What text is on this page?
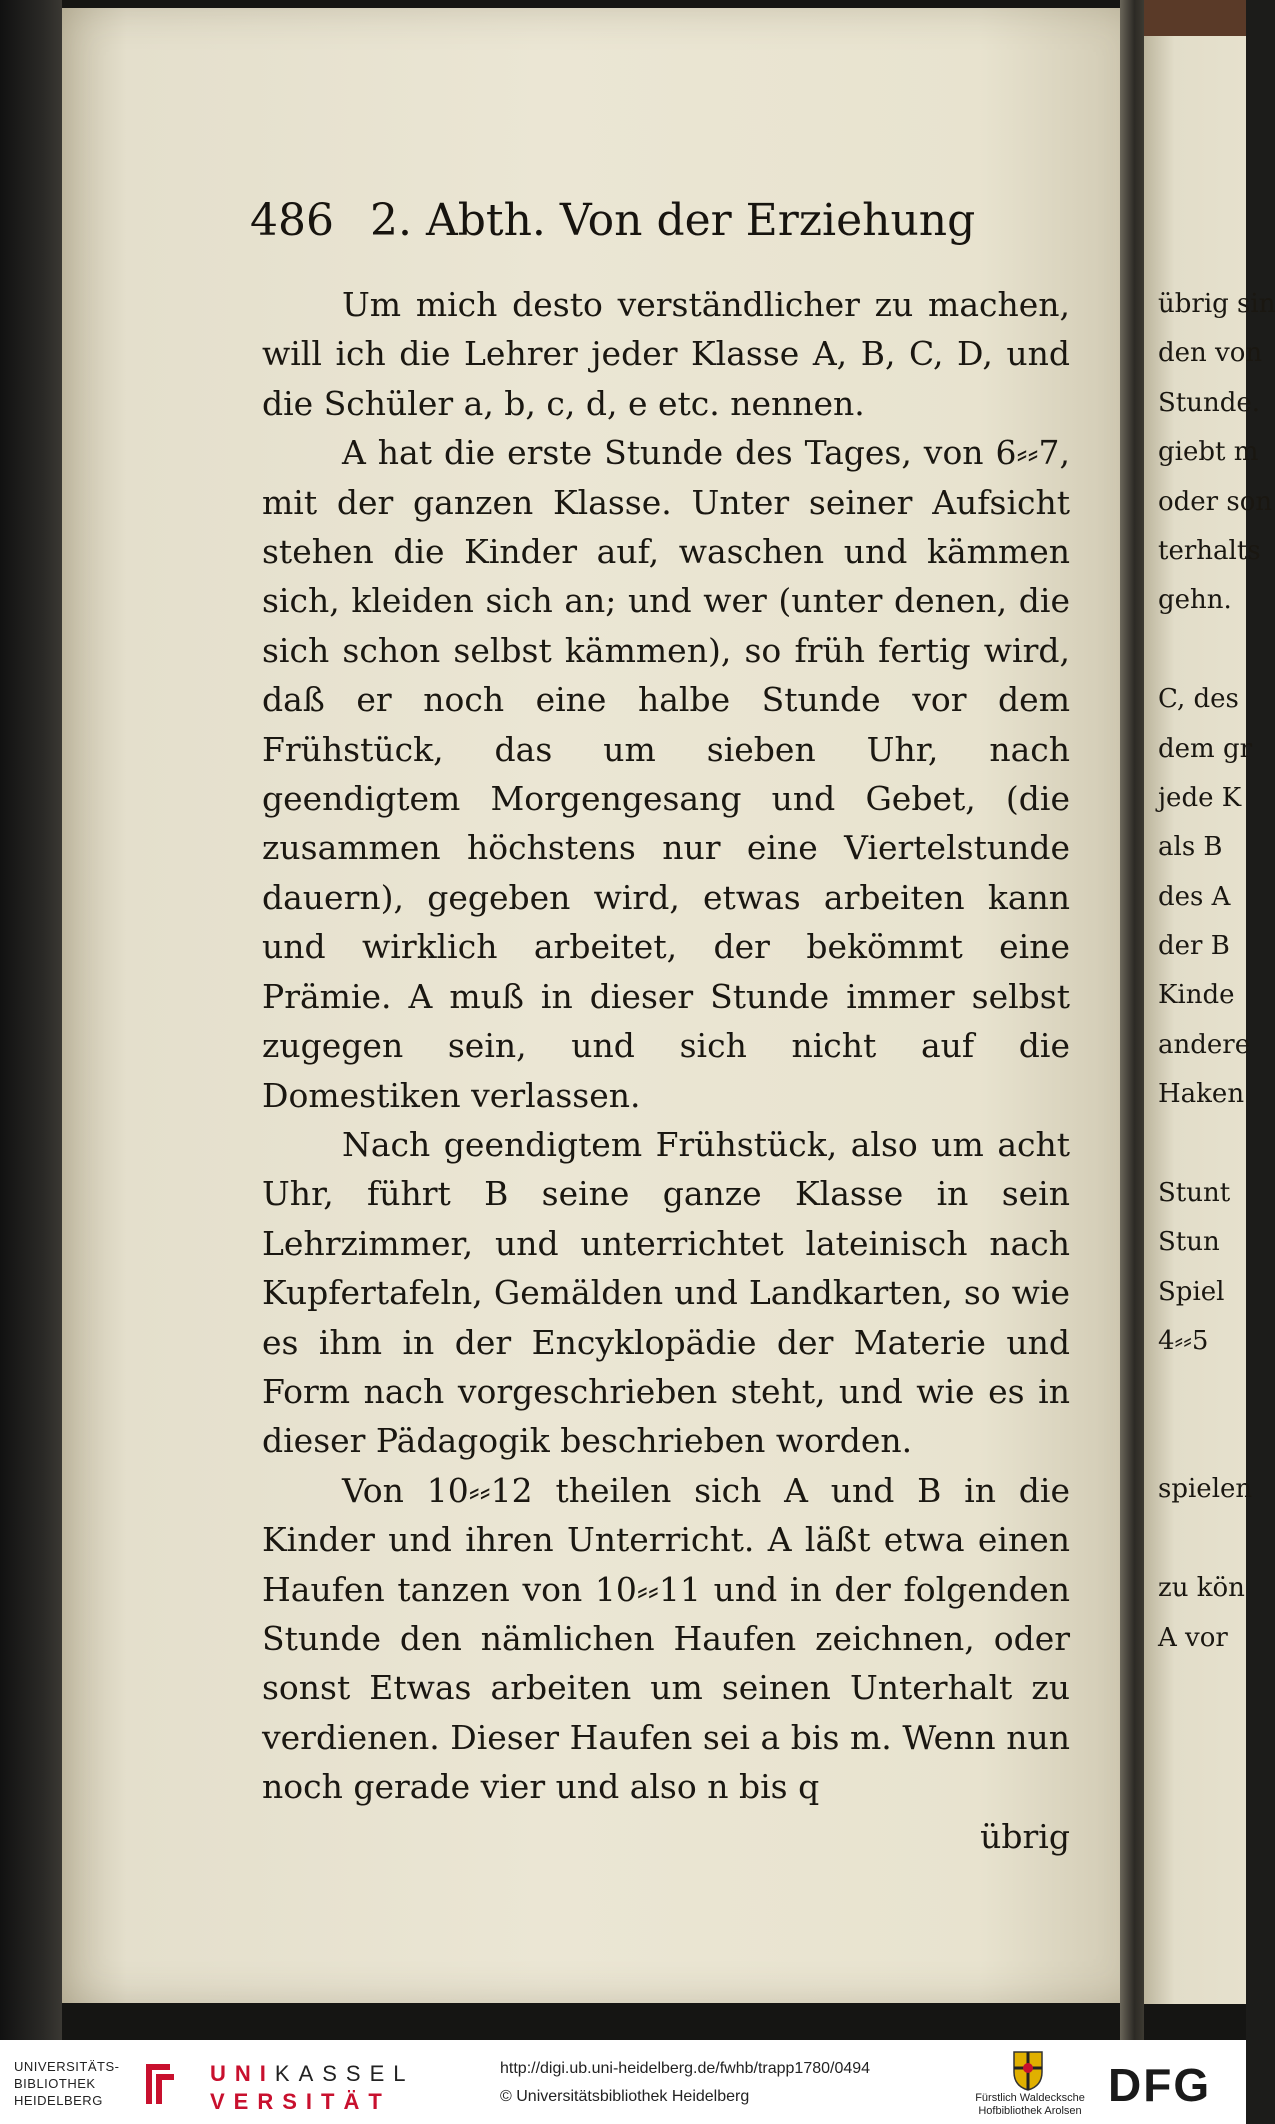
486 2. Abth. Von der Erziehung

Um mich desto verständlicher zu machen, will ich die Lehrer jeder Klasse A, B, C, D, und die Schüler a, b, c, d, e etc. nennen.

A hat die erste Stunde des Tages, von 6⸗⸗7, mit der ganzen Klasse. Unter seiner Aufsicht stehen die Kinder auf, waschen und kämmen sich, kleiden sich an; und wer (unter denen, die sich schon selbst kämmen), so früh fertig wird, daß er noch eine halbe Stunde vor dem Frühstück, das um sieben Uhr, nach geendigtem Morgengesang und Gebet, (die zusammen höchstens nur eine Viertelstunde dauern), gegeben wird, etwas arbeiten kann und wirklich arbeitet, der bekömmt eine Prämie. A muß in dieser Stunde immer selbst zugegen sein, und sich nicht auf die Domestiken verlassen.

Nach geendigtem Frühstück, also um acht Uhr, führt B seine ganze Klasse in sein Lehrzimmer, und unterrichtet lateinisch nach Kupfertafeln, Gemälden und Landkarten, so wie es ihm in der Encyklopädie der Materie und Form nach vorgeschrieben steht, und wie es in dieser Pädagogik beschrieben worden.

Von 10⸗⸗12 theilen sich A und B in die Kinder und ihren Unterricht. A läßt etwa einen Haufen tanzen von 10⸗⸗11 und in der folgenden Stunde den nämlichen Haufen zeichnen, oder sonst Etwas arbeiten um seinen Unterhalt zu verdienen. Dieser Haufen sei a bis m. Wenn nun noch gerade vier und also n bis q

übrig

übrig sin
den von
Stunde.
giebt m
oder son
terhalts
gehn.
C, des
dem gr
jede K
als B
des A
der B
Kinde
andere
Haken
Stunt
Stun
Spiel
4⸗⸗5
spielen
zu kön
A vor
UNIVERSITÄTS-
BIBLIOTHEK
HEIDELBERG
UNIKASSEL
VERSITÄT
http://digi.ub.uni-heidelberg.de/fwhb/trapp1780/0494
© Universitätsbibliothek Heidelberg	Fürstlich Waldecksche
Hofbibliothek Arolsen DFG
